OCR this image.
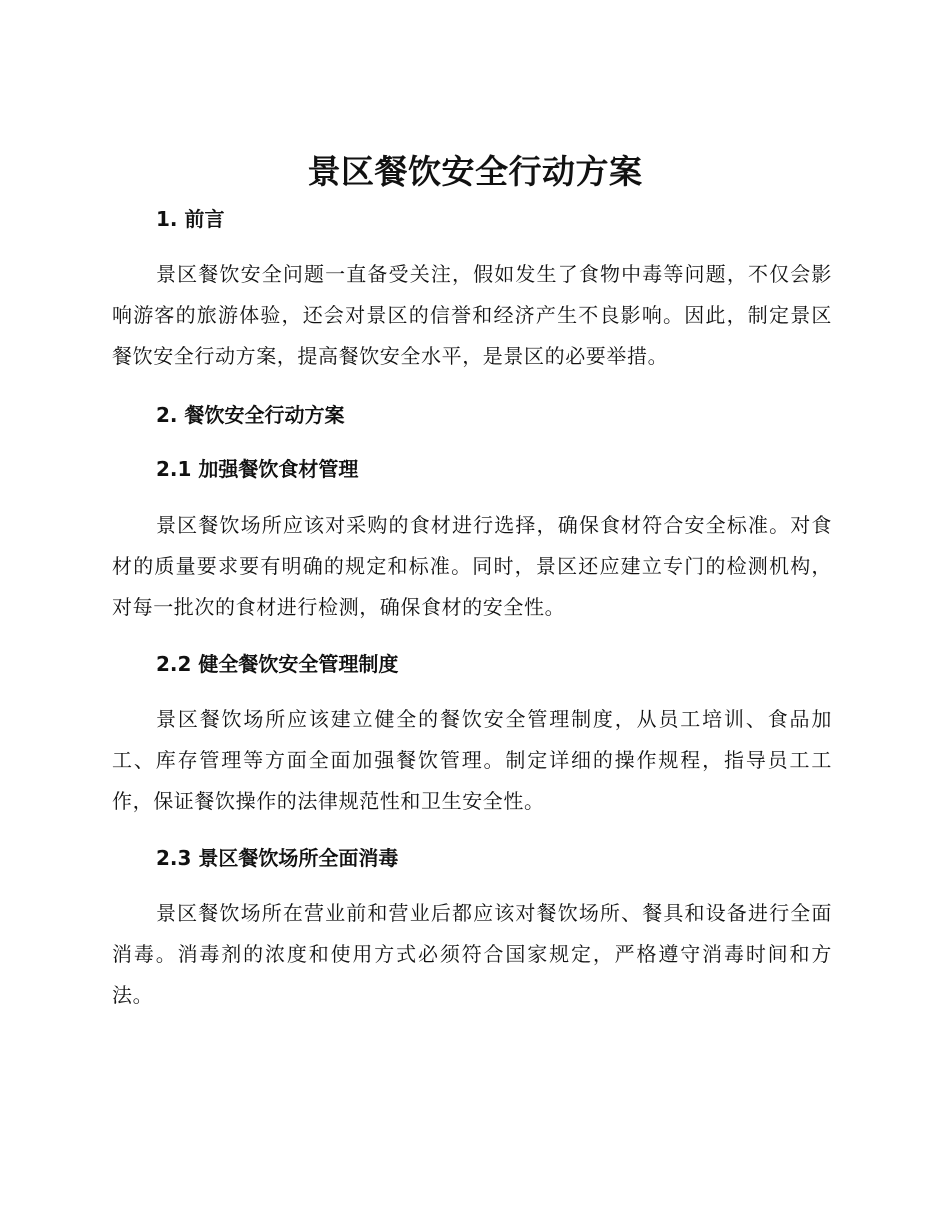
景区餐饮安全行动方案
1. 前言
景区餐饮安全问题一直备受关注，假如发生了食物中毒等问题，不仅会影响游客的旅游体验，还会对景区的信誉和经济产生不良影响。因此，制定景区餐饮安全行动方案，提高餐饮安全水平，是景区的必要举措。
2. 餐饮安全行动方案
2.1 加强餐饮食材管理
景区餐饮场所应该对采购的食材进行选择，确保食材符合安全标准。对食材的质量要求要有明确的规定和标准。同时，景区还应建立专门的检测机构，对每一批次的食材进行检测，确保食材的安全性。
2.2 健全餐饮安全管理制度
景区餐饮场所应该建立健全的餐饮安全管理制度，从员工培训、食品加工、库存管理等方面全面加强餐饮管理。制定详细的操作规程，指导员工工作，保证餐饮操作的法律规范性和卫生安全性。
2.3 景区餐饮场所全面消毒
景区餐饮场所在营业前和营业后都应该对餐饮场所、餐具和设备进行全面消毒。消毒剂的浓度和使用方式必须符合国家规定，严格遵守消毒时间和方法。
